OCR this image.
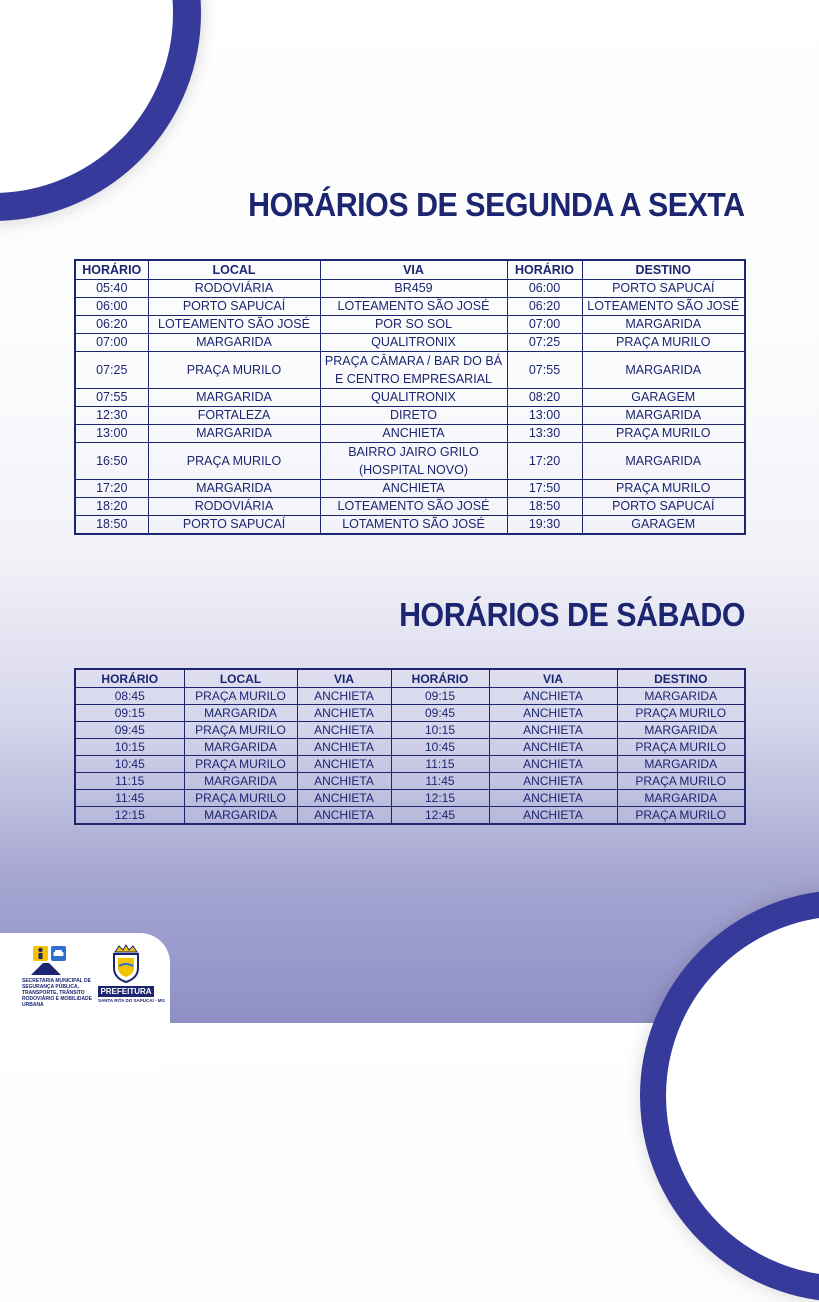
HORÁRIOS DE SEGUNDA A SEXTA
HORÁRIO	LOCAL	VIA	HORÁRIO	DESTINO
05:40	RODOVIÁRIA	BR459	06:00	PORTO SAPUCAÍ
06:00	PORTO SAPUCAÍ	LOTEAMENTO SÃO JOSÉ	06:20	LOTEAMENTO SÃO JOSÉ
06:20	LOTEAMENTO SÃO JOSÉ	POR SO SOL	07:00	MARGARIDA
07:00	MARGARIDA	QUALITRONIX	07:25	PRAÇA MURILO
07:25	PRAÇA MURILO	PRAÇA CÂMARA / BAR DO BÁ E CENTRO EMPRESARIAL	07:55	MARGARIDA
07:55	MARGARIDA	QUALITRONIX	08:20	GARAGEM
12:30	FORTALEZA	DIRETO	13:00	MARGARIDA
13:00	MARGARIDA	ANCHIETA	13:30	PRAÇA MURILO
16:50	PRAÇA MURILO	BAIRRO JAIRO GRILO (HOSPITAL NOVO)	17:20	MARGARIDA
17:20	MARGARIDA	ANCHIETA	17:50	PRAÇA MURILO
18:20	RODOVIÁRIA	LOTEAMENTO SÃO JOSÉ	18:50	PORTO SAPUCAÍ
18:50	PORTO SAPUCAÍ	LOTAMENTO SÃO JOSÉ	19:30	GARAGEM
HORÁRIOS DE SÁBADO
HORÁRIO	LOCAL	VIA	HORÁRIO	VIA	DESTINO
08:45	PRAÇA MURILO	ANCHIETA	09:15	ANCHIETA	MARGARIDA
09:15	MARGARIDA	ANCHIETA	09:45	ANCHIETA	PRAÇA MURILO
09:45	PRAÇA MURILO	ANCHIETA	10:15	ANCHIETA	MARGARIDA
10:15	MARGARIDA	ANCHIETA	10:45	ANCHIETA	PRAÇA MURILO
10:45	PRAÇA MURILO	ANCHIETA	11:15	ANCHIETA	MARGARIDA
11:15	MARGARIDA	ANCHIETA	11:45	ANCHIETA	PRAÇA MURILO
11:45	PRAÇA MURILO	ANCHIETA	12:15	ANCHIETA	MARGARIDA
12:15	MARGARIDA	ANCHIETA	12:45	ANCHIETA	PRAÇA MURILO
SECRETARIA MUNICIPAL DE SEGURANÇA PÚBLICA, TRANSPORTE, TRÂNSITO RODOVIÁRIO E MOBILIDADE URBANA
PREFEITURA
SANTA RITA DO SAPUCAÍ - MG
